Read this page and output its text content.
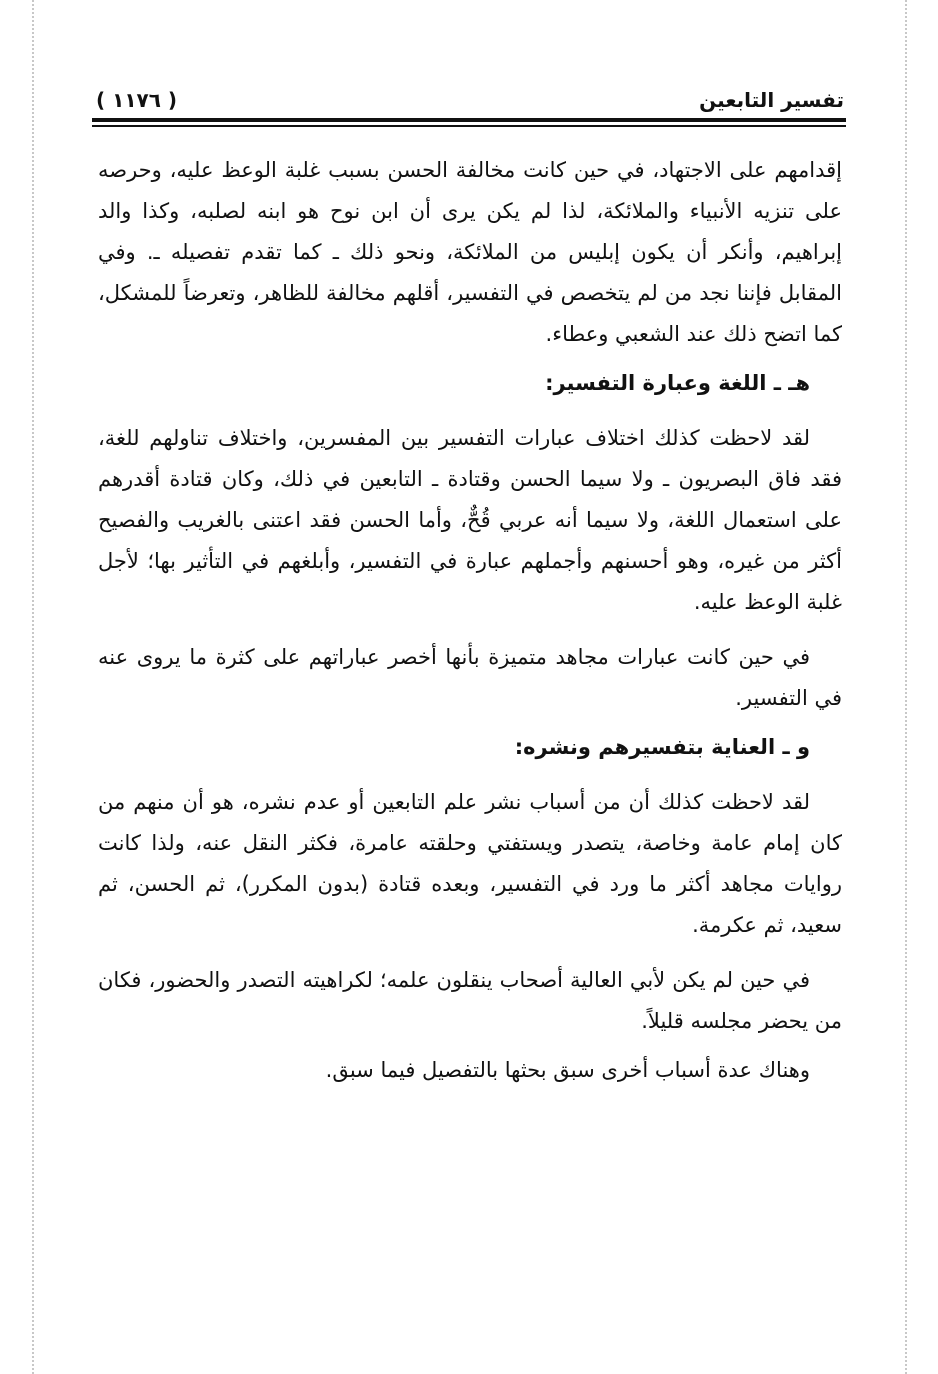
تفسير التابعين
( ١١٧٦ )

إقدامهم على الاجتهاد، في حين كانت مخالفة الحسن بسبب غلبة الوعظ عليه، وحرصه على تنزيه الأنبياء والملائكة، لذا لم يكن يرى أن ابن نوح هو ابنه لصلبه، وكذا والد إبراهيم، وأنكر أن يكون إبليس من الملائكة، ونحو ذلك ـ كما تقدم تفصيله ـ. وفي المقابل فإننا نجد من لم يتخصص في التفسير، أقلهم مخالفة للظاهر، وتعرضاً للمشكل، كما اتضح ذلك عند الشعبي وعطاء.

هـ ـ اللغة وعبارة التفسير:

لقد لاحظت كذلك اختلاف عبارات التفسير بين المفسرين، واختلاف تناولهم للغة، فقد فاق البصريون ـ ولا سيما الحسن وقتادة ـ التابعين في ذلك، وكان قتادة أقدرهم على استعمال اللغة، ولا سيما أنه عربي قُحٌّ، وأما الحسن فقد اعتنى بالغريب والفصيح أكثر من غيره، وهو أحسنهم وأجملهم عبارة في التفسير، وأبلغهم في التأثير بها؛ لأجل غلبة الوعظ عليه.

في حين كانت عبارات مجاهد متميزة بأنها أخصر عباراتهم على كثرة ما يروى عنه في التفسير.

و ـ العناية بتفسيرهم ونشره:

لقد لاحظت كذلك أن من أسباب نشر علم التابعين أو عدم نشره، هو أن منهم من كان إمام عامة وخاصة، يتصدر ويستفتي وحلقته عامرة، فكثر النقل عنه، ولذا كانت روايات مجاهد أكثر ما ورد في التفسير، وبعده قتادة (بدون المكرر)، ثم الحسن، ثم سعيد، ثم عكرمة.

في حين لم يكن لأبي العالية أصحاب ينقلون علمه؛ لكراهيته التصدر والحضور، فكان من يحضر مجلسه قليلاً.

وهناك عدة أسباب أخرى سبق بحثها بالتفصيل فيما سبق.
